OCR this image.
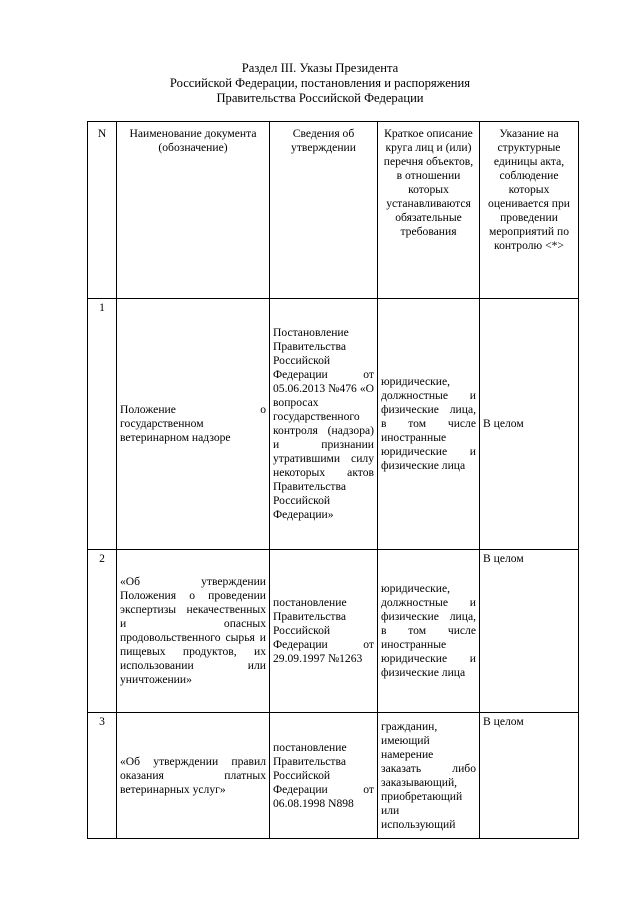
Раздел III. Указы Президента
Российской Федерации, постановления и распоряжения
Правительства Российской Федерации
N	Наименование документа (обозначение)	Сведения об утверждении	Краткое описание круга лиц и (или) перечня объектов, в отношении которых устанавливаются обязательные требования	Указание на структурные единицы акта, соблюдение которых оценивается при проведении мероприятий по контролю <*>
1	Положение о государственном ветеринарном надзоре	Постановление Правительства Российской Федерации от 05.06.2013 №476 «О вопросах государственного контроля (надзора) и признании утратившими силу некоторых актов Правительства Российской Федерации»	юридические, должностные и физические лица, в том числе иностранные юридические и физические лица	В целом
2	«Об утверждении Положения о проведении экспертизы некачественных и опасных продовольственного сырья и пищевых продуктов, их использовании или уничтожении»	постановление Правительства Российской Федерации от 29.09.1997 №1263	юридические, должностные и физические лица, в том числе иностранные юридические и физические лица	В целом
3	«Об утверждении правил оказания платных ветеринарных услуг»	постановление Правительства Российской Федерации от 06.08.1998 N898	гражданин, имеющий намерение заказать либо заказывающий, приобретающий или использующий	В целом
